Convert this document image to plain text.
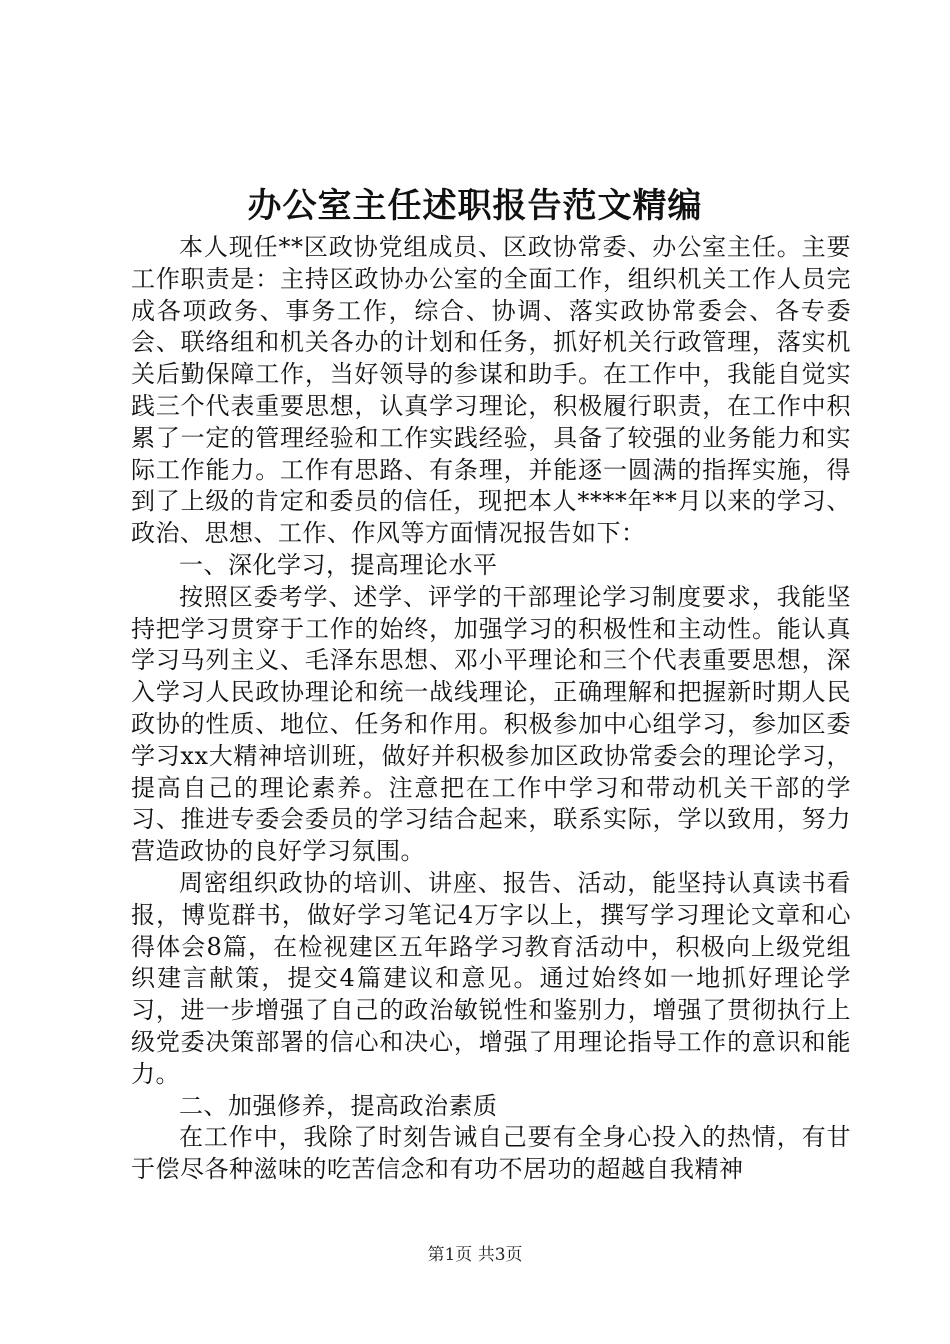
办公室主任述职报告范文精编

本人现任**区政协党组成员、区政协常委、办公室主任。主要工作职责是：主持区政协办公室的全面工作，组织机关工作人员完成各项政务、事务工作，综合、协调、落实政协常委会、各专委会、联络组和机关各办的计划和任务，抓好机关行政管理，落实机关后勤保障工作，当好领导的参谋和助手。在工作中，我能自觉实践三个代表重要思想，认真学习理论，积极履行职责，在工作中积累了一定的管理经验和工作实践经验，具备了较强的业务能力和实际工作能力。工作有思路、有条理，并能逐一圆满的指挥实施，得到了上级的肯定和委员的信任，现把本人****年**月以来的学习、政治、思想、工作、作风等方面情况报告如下：

一、深化学习，提高理论水平

按照区委考学、述学、评学的干部理论学习制度要求，我能坚持把学习贯穿于工作的始终，加强学习的积极性和主动性。能认真学习马列主义、毛泽东思想、邓小平理论和三个代表重要思想，深入学习人民政协理论和统一战线理论，正确理解和把握新时期人民政协的性质、地位、任务和作用。积极参加中心组学习，参加区委学习xx大精神培训班，做好并积极参加区政协常委会的理论学习，提高自己的理论素养。注意把在工作中学习和带动机关干部的学习、推进专委会委员的学习结合起来，联系实际，学以致用，努力营造政协的良好学习氛围。

周密组织政协的培训、讲座、报告、活动，能坚持认真读书看报，博览群书，做好学习笔记4万字以上，撰写学习理论文章和心得体会8篇，在检视建区五年路学习教育活动中，积极向上级党组织建言献策，提交4篇建议和意见。通过始终如一地抓好理论学习，进一步增强了自己的政治敏锐性和鉴别力，增强了贯彻执行上级党委决策部署的信心和决心，增强了用理论指导工作的意识和能力。

二、加强修养，提高政治素质

在工作中，我除了时刻告诫自己要有全身心投入的热情，有甘于偿尽各种滋味的吃苦信念和有功不居功的超越自我精神

第1页 共3页
